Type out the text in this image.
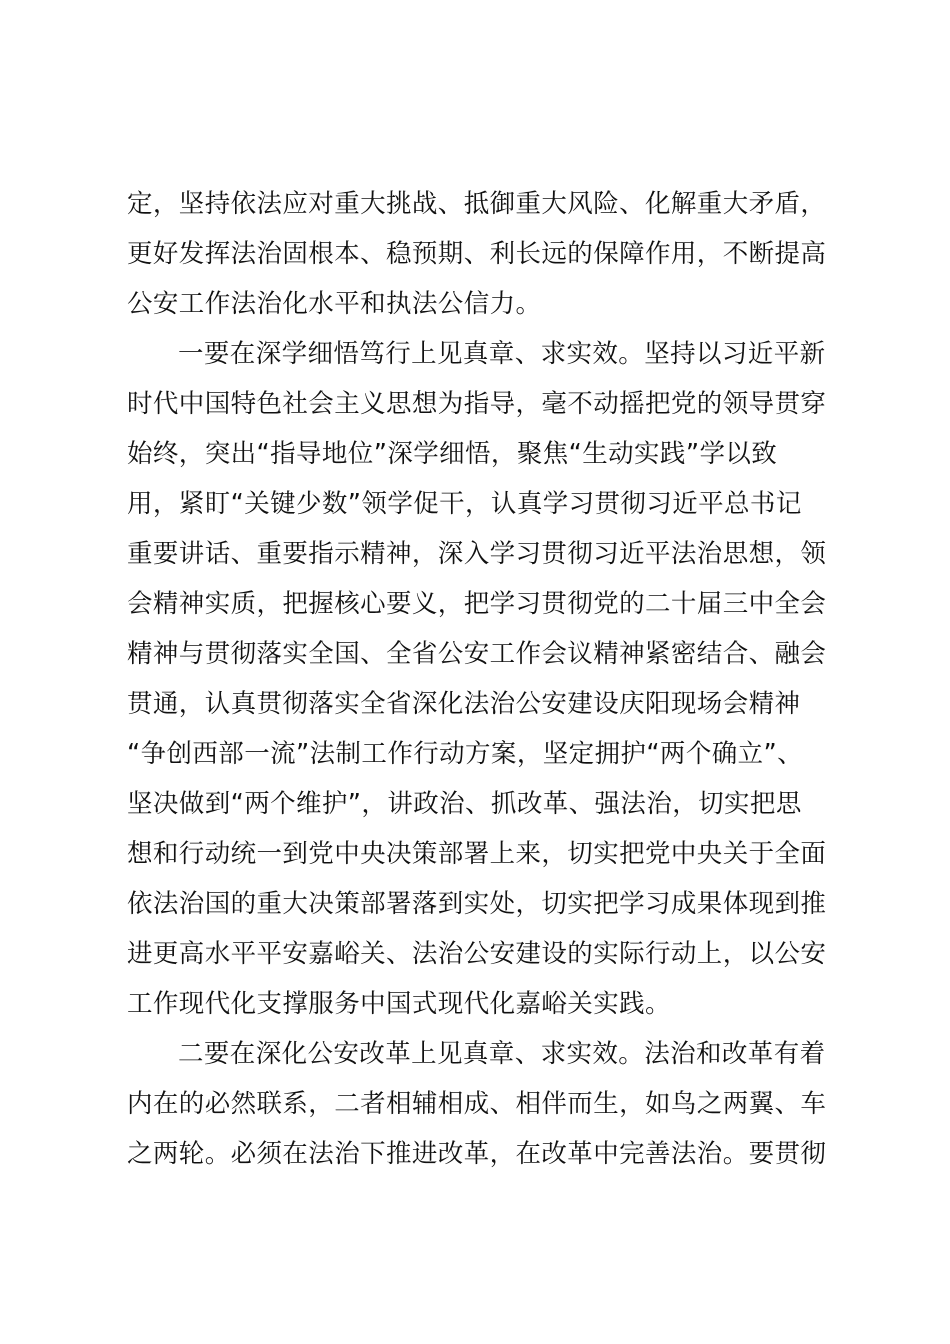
定，坚持依法应对重大挑战、抵御重大风险、化解重大矛盾，
更好发挥法治固根本、稳预期、利长远的保障作用，不断提高
公安工作法治化水平和执法公信力。
一要在深学细悟笃行上见真章、求实效。坚持以习近平新
时代中国特色社会主义思想为指导，毫不动摇把党的领导贯穿
始终，突出“指导地位”深学细悟，聚焦“生动实践”学以致
用，紧盯“关键少数”领学促干，认真学习贯彻习近平总书记
重要讲话、重要指示精神，深入学习贯彻习近平法治思想，领
会精神实质，把握核心要义，把学习贯彻党的二十届三中全会
精神与贯彻落实全国、全省公安工作会议精神紧密结合、融会
贯通，认真贯彻落实全省深化法治公安建设庆阳现场会精神
“争创西部一流”法制工作行动方案，坚定拥护“两个确立”、
坚决做到“两个维护”，讲政治、抓改革、强法治，切实把思
想和行动统一到党中央决策部署上来，切实把党中央关于全面
依法治国的重大决策部署落到实处，切实把学习成果体现到推
进更高水平平安嘉峪关、法治公安建设的实际行动上，以公安
工作现代化支撑服务中国式现代化嘉峪关实践。
二要在深化公安改革上见真章、求实效。法治和改革有着
内在的必然联系，二者相辅相成、相伴而生，如鸟之两翼、车
之两轮。必须在法治下推进改革，在改革中完善法治。要贯彻
